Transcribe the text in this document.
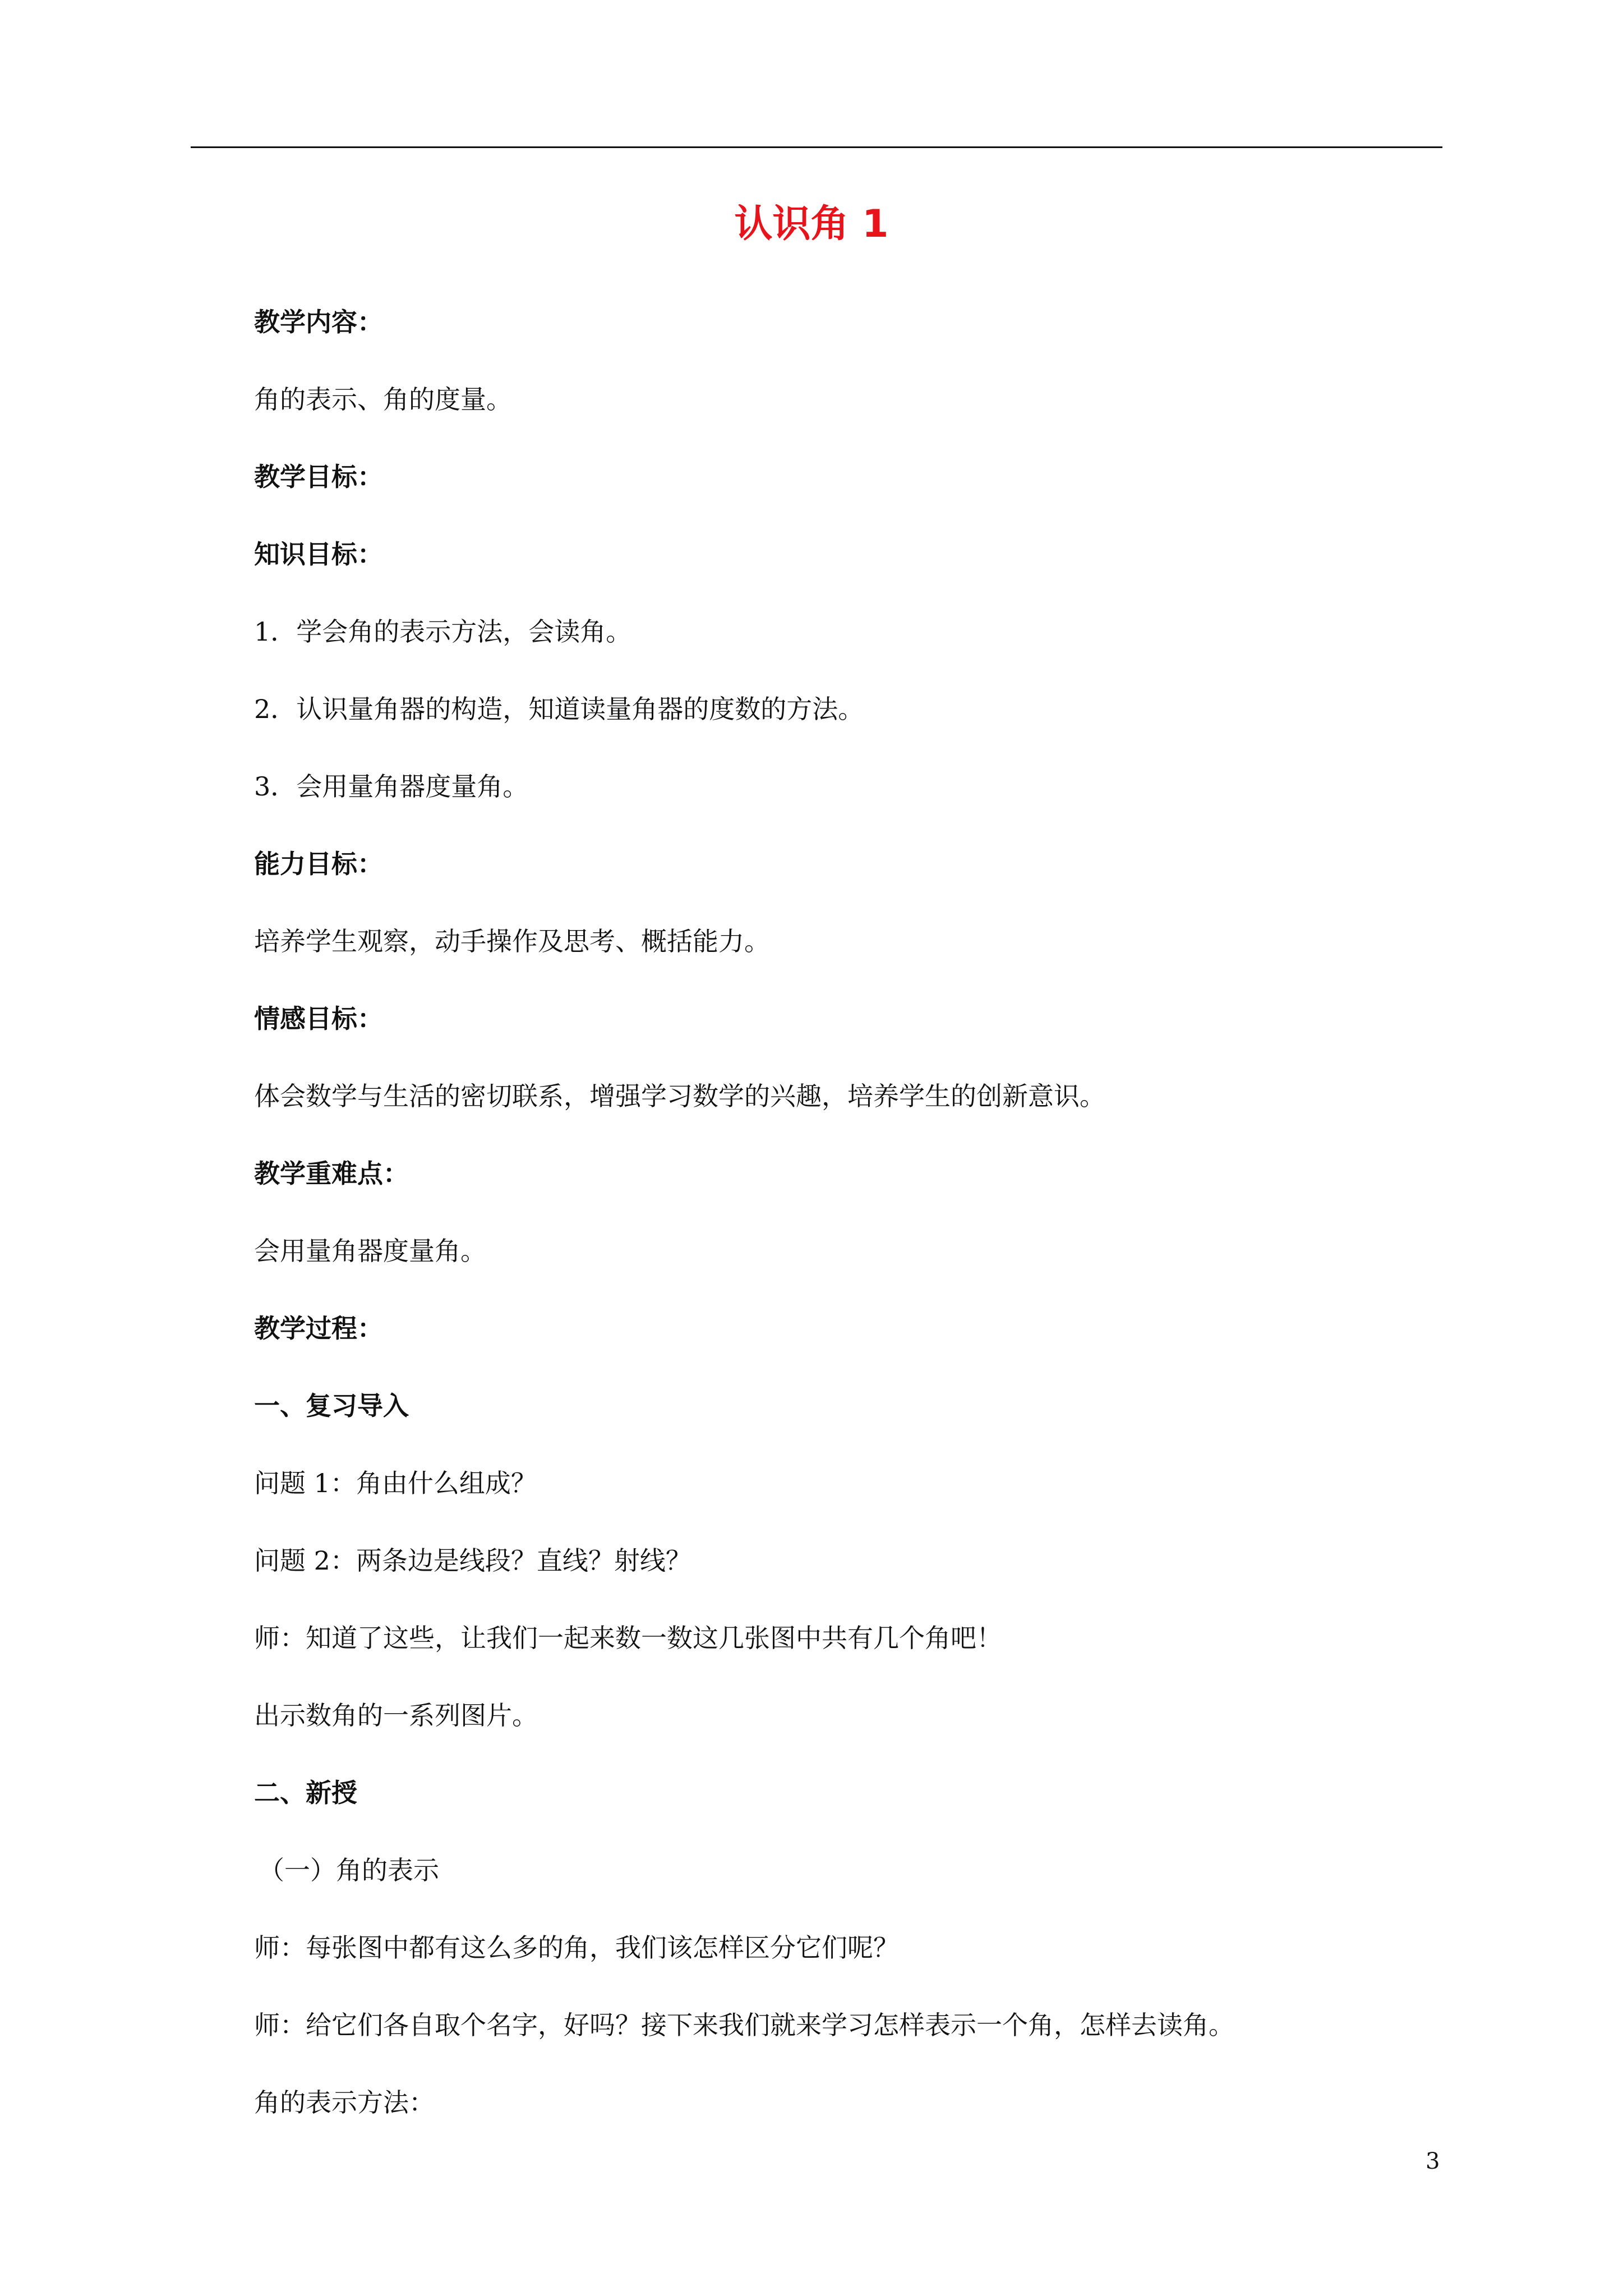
认识角 1

教学内容：

角的表示、角的度量。

教学目标：

知识目标：

1．学会角的表示方法，会读角。

2．认识量角器的构造，知道读量角器的度数的方法。

3．会用量角器度量角。

能力目标：

培养学生观察，动手操作及思考、概括能力。

情感目标：

体会数学与生活的密切联系，增强学习数学的兴趣，培养学生的创新意识。

教学重难点：

会用量角器度量角。

教学过程：

一、复习导入

问题 1：角由什么组成？

问题 2：两条边是线段？直线？射线？

师：知道了这些，让我们一起来数一数这几张图中共有几个角吧！

出示数角的一系列图片。

二、新授

（一）角的表示

师：每张图中都有这么多的角，我们该怎样区分它们呢？

师：给它们各自取个名字，好吗？接下来我们就来学习怎样表示一个角，怎样去读角。

角的表示方法：

3
